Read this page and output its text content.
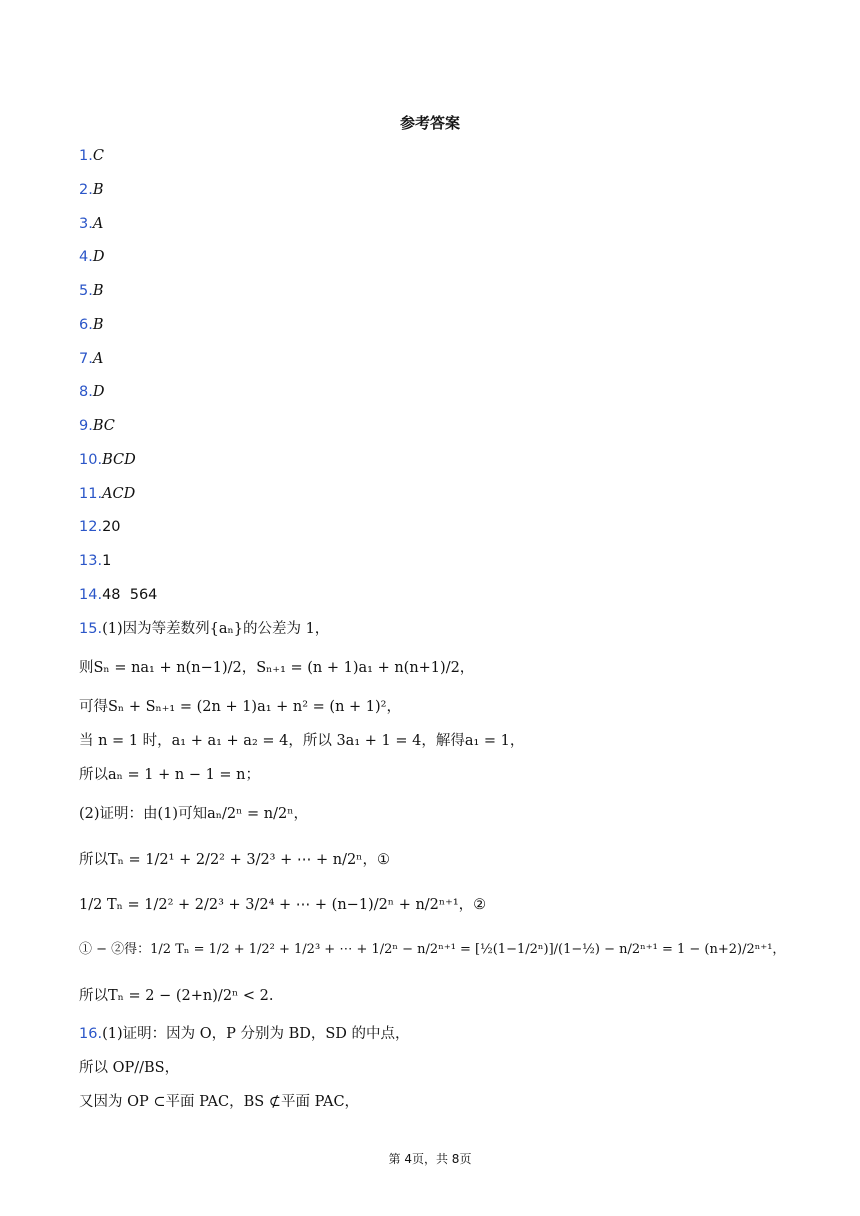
参考答案
1.C
2.B
3.A
4.D
5.B
6.B
7.A
8.D
9.BC
10.BCD
11.ACD
12.20
13.1
14.48  564
15.(1)因为等差数列{aₙ}的公差为 1，
则Sₙ = na₁ + n(n−1)/2，Sₙ₊₁ = (n + 1)a₁ + n(n+1)/2，
可得Sₙ + Sₙ₊₁ = (2n + 1)a₁ + n² = (n + 1)²，
当 n = 1 时，a₁ + a₁ + a₂ = 4，所以 3a₁ + 1 = 4，解得a₁ = 1，
所以aₙ = 1 + n − 1 = n；
(2)证明：由(1)可知aₙ/2ⁿ = n/2ⁿ，
所以Tₙ = 1/2¹ + 2/2² + 3/2³ + ⋯ + n/2ⁿ，①
1/2 Tₙ = 1/2² + 2/2³ + 3/2⁴ + ⋯ + (n−1)/2ⁿ + n/2ⁿ⁺¹，②
① − ②得：1/2 Tₙ = 1/2 + 1/2² + 1/2³ + ⋯ + 1/2ⁿ − n/2ⁿ⁺¹ = [½(1−1/2ⁿ)]/(1−½) − n/2ⁿ⁺¹ = 1 − (n+2)/2ⁿ⁺¹，
所以Tₙ = 2 − (2+n)/2ⁿ < 2.
16.(1)证明：因为 O，P 分别为 BD，SD 的中点，
所以 OP//BS，
又因为 OP ⊂平面 PAC，BS ⊄平面 PAC，
第 4页，共 8页
